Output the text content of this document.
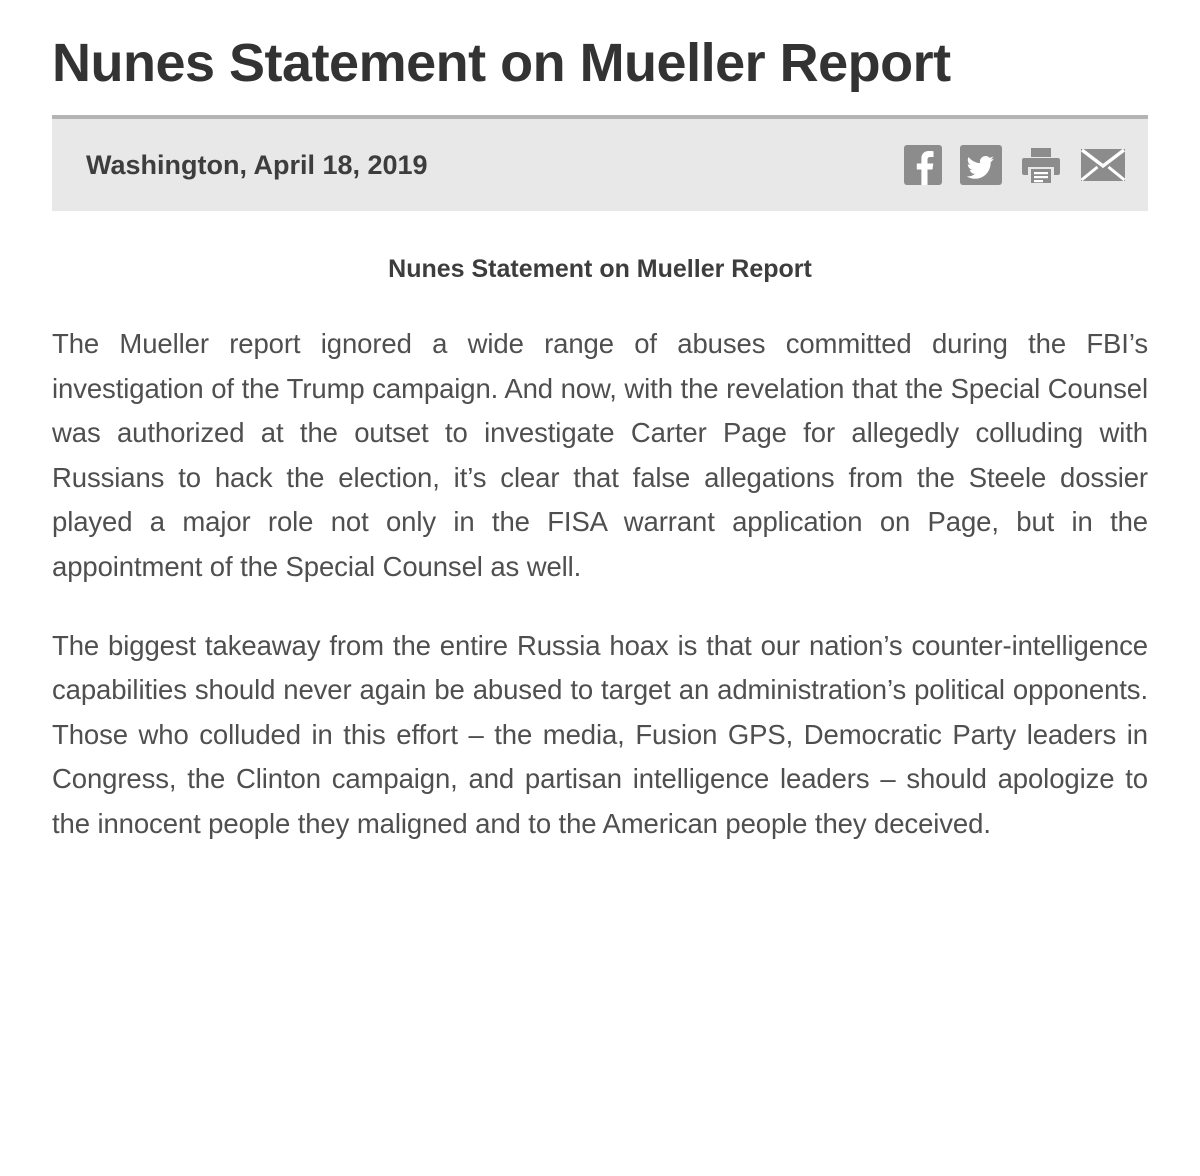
Nunes Statement on Mueller Report
Washington, April 18, 2019
Nunes Statement on Mueller Report

The Mueller report ignored a wide range of abuses committed during the FBI’s investigation of the Trump campaign. And now, with the revelation that the Special Counsel was authorized at the outset to investigate Carter Page for allegedly colluding with Russians to hack the election, it’s clear that false allegations from the Steele dossier played a major role not only in the FISA warrant application on Page, but in the appointment of the Special Counsel as well.

The biggest takeaway from the entire Russia hoax is that our nation’s counter-intelligence capabilities should never again be abused to target an administration’s political opponents. Those who colluded in this effort – the media, Fusion GPS, Democratic Party leaders in Congress, the Clinton campaign, and partisan intelligence leaders – should apologize to the innocent people they maligned and to the American people they deceived.
